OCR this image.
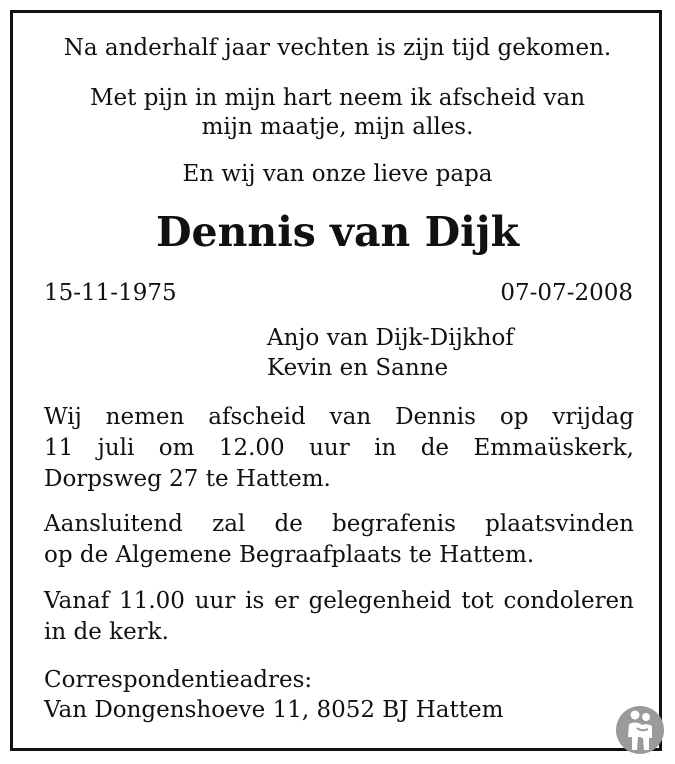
Na anderhalf jaar vechten is zijn tijd gekomen.
Met pijn in mijn hart neem ik afscheid van
mijn maatje, mijn alles.
En wij van onze lieve papa
Dennis van Dijk
15-11-1975	07-07-2008
Anjo van Dijk-Dijkhof
Kevin en Sanne
Wij nemen afscheid van Dennis op vrijdag
11 juli om 12.00 uur in de Emmaüskerk,
Dorpsweg 27 te Hattem.
Aansluitend zal de begrafenis plaatsvinden
op de Algemene Begraafplaats te Hattem.
Vanaf 11.00 uur is er gelegenheid tot condoleren
in de kerk.
Correspondentieadres:
Van Dongenshoeve 11, 8052 BJ Hattem
